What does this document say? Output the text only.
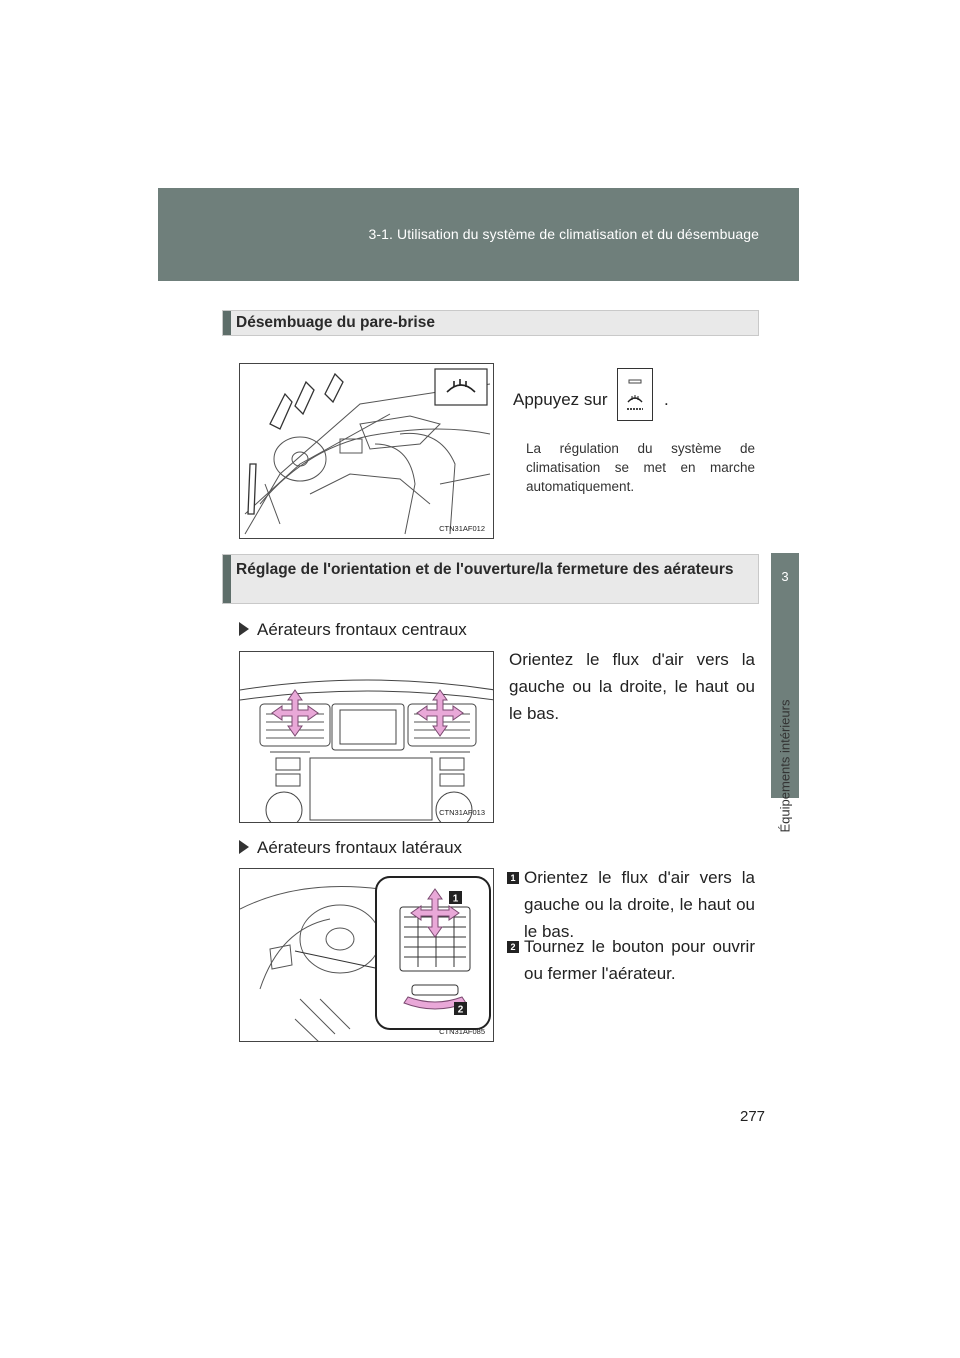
3-1. Utilisation du système de climatisation et du désembuage
3
Équipements intérieurs
Désembuage du pare-brise
CTN31AF012
Appuyez sur	.
La régulation du système de climatisation se met en marche automatiquement.
Réglage de l'orientation et de l'ouverture/la fermeture des aérateurs
Aérateurs frontaux centraux
Orientez le flux d'air vers la gauche ou la droite, le haut ou le bas.
CTN31AF013
Aérateurs frontaux latéraux
1
2
CTN31AF085
1 Orientez le flux d'air vers la gauche ou la droite, le haut ou le bas.
2 Tournez le bouton pour ouvrir ou fermer l'aérateur.
277
